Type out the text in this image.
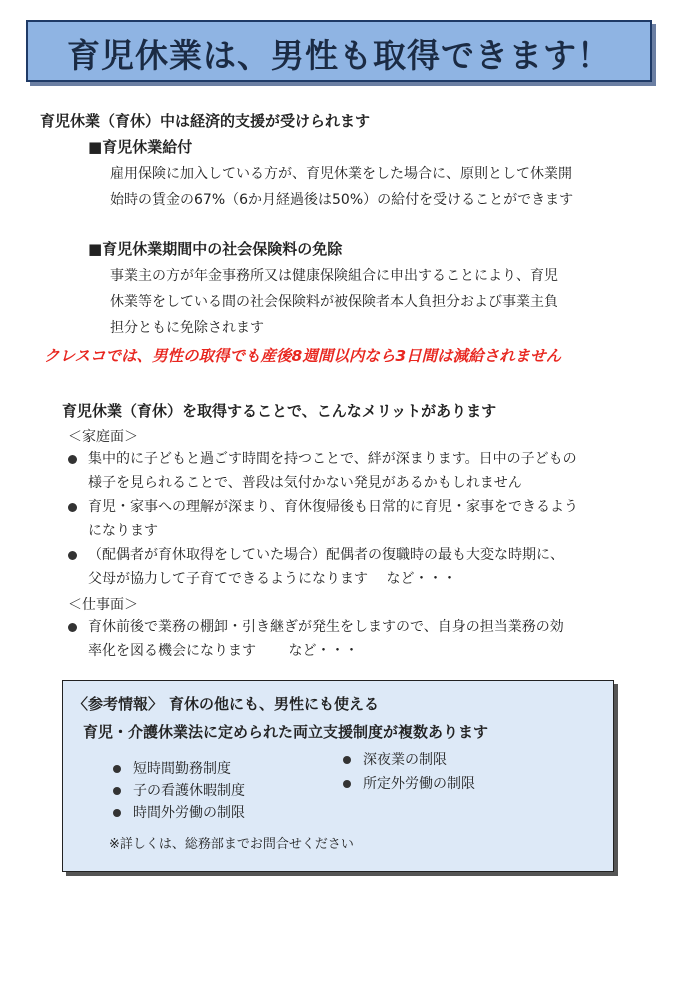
育児休業は、男性も取得できます！
育児休業（育休）中は経済的支援が受けられます
■育児休業給付
雇用保険に加入している方が、育児休業をした場合に、原則として休業開
始時の賃金の67%（6か月経過後は50%）の給付を受けることができます
■育児休業期間中の社会保険料の免除
事業主の方が年金事務所又は健康保険組合に申出することにより、育児
休業等をしている間の社会保険料が被保険者本人負担分および事業主負
担分ともに免除されます
クレスコでは、男性の取得でも産後8週間以内なら3日間は減給されません
育児休業（育休）を取得することで、こんなメリットがあります
＜家庭面＞
集中的に子どもと過ごす時間を持つことで、絆が深まります。日中の子どもの
様子を見られることで、普段は気付かない発見があるかもしれません
育児・家事への理解が深まり、育休復帰後も日常的に育児・家事をできるよう
になります
（配偶者が育休取得をしていた場合）配偶者の復職時の最も大変な時期に、
父母が協力して子育てできるようになります　 など・・・
＜仕事面＞
育休前後で業務の棚卸・引き継ぎが発生をしますので、自身の担当業務の効
率化を図る機会になります　　 など・・・
〈参考情報〉 育休の他にも、男性にも使える
育児・介護休業法に定められた両立支援制度が複数あります
短時間勤務制度
子の看護休暇制度
時間外労働の制限
深夜業の制限
所定外労働の制限
※詳しくは、総務部までお問合せください
